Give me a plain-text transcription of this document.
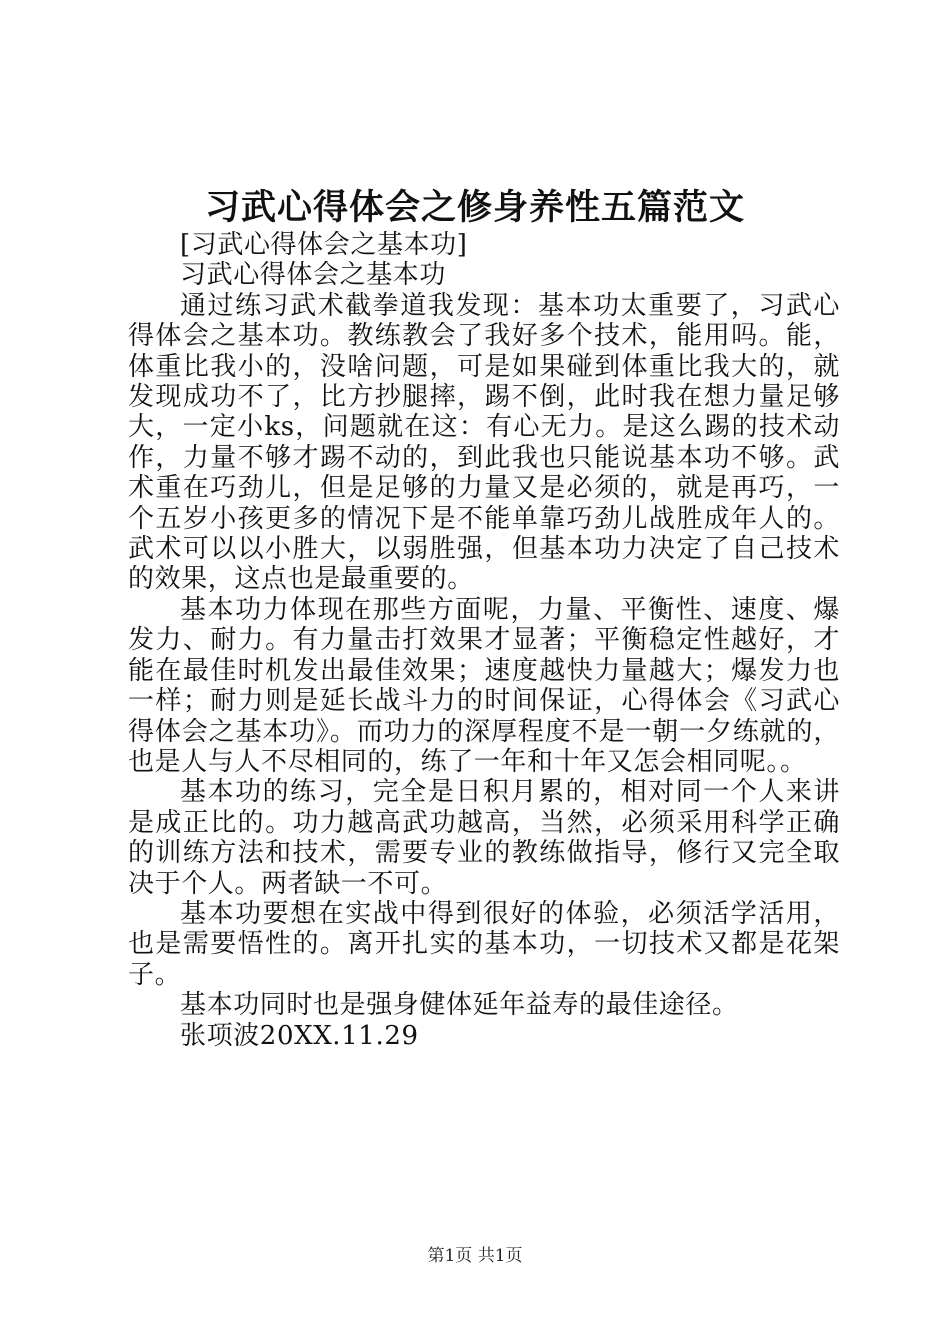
习武心得体会之修身养性五篇范文

[习武心得体会之基本功]

习武心得体会之基本功

通过练习武术截拳道我发现：基本功太重要了，习武心得体会之基本功。教练教会了我好多个技术，能用吗。能，体重比我小的，没啥问题，可是如果碰到体重比我大的，就发现成功不了，比方抄腿摔，踢不倒，此时我在想力量足够大，一定小ks，问题就在这：有心无力。是这么踢的技术动作，力量不够才踢不动的，到此我也只能说基本功不够。武术重在巧劲儿，但是足够的力量又是必须的，就是再巧，一个五岁小孩更多的情况下是不能单靠巧劲儿战胜成年人的。武术可以以小胜大，以弱胜强，但基本功力决定了自己技术的效果，这点也是最重要的。

基本功力体现在那些方面呢，力量、平衡性、速度、爆发力、耐力。有力量击打效果才显著；平衡稳定性越好，才能在最佳时机发出最佳效果；速度越快力量越大；爆发力也一样；耐力则是延长战斗力的时间保证，心得体会《习武心得体会之基本功》。而功力的深厚程度不是一朝一夕练就的，也是人与人不尽相同的，练了一年和十年又怎会相同呢。。

基本功的练习，完全是日积月累的，相对同一个人来讲是成正比的。功力越高武功越高，当然，必须采用科学正确的训练方法和技术，需要专业的教练做指导，修行又完全取决于个人。两者缺一不可。

基本功要想在实战中得到很好的体验，必须活学活用，也是需要悟性的。离开扎实的基本功，一切技术又都是花架子。

基本功同时也是强身健体延年益寿的最佳途径。

张项波20XX.11.29

第1页 共1页
